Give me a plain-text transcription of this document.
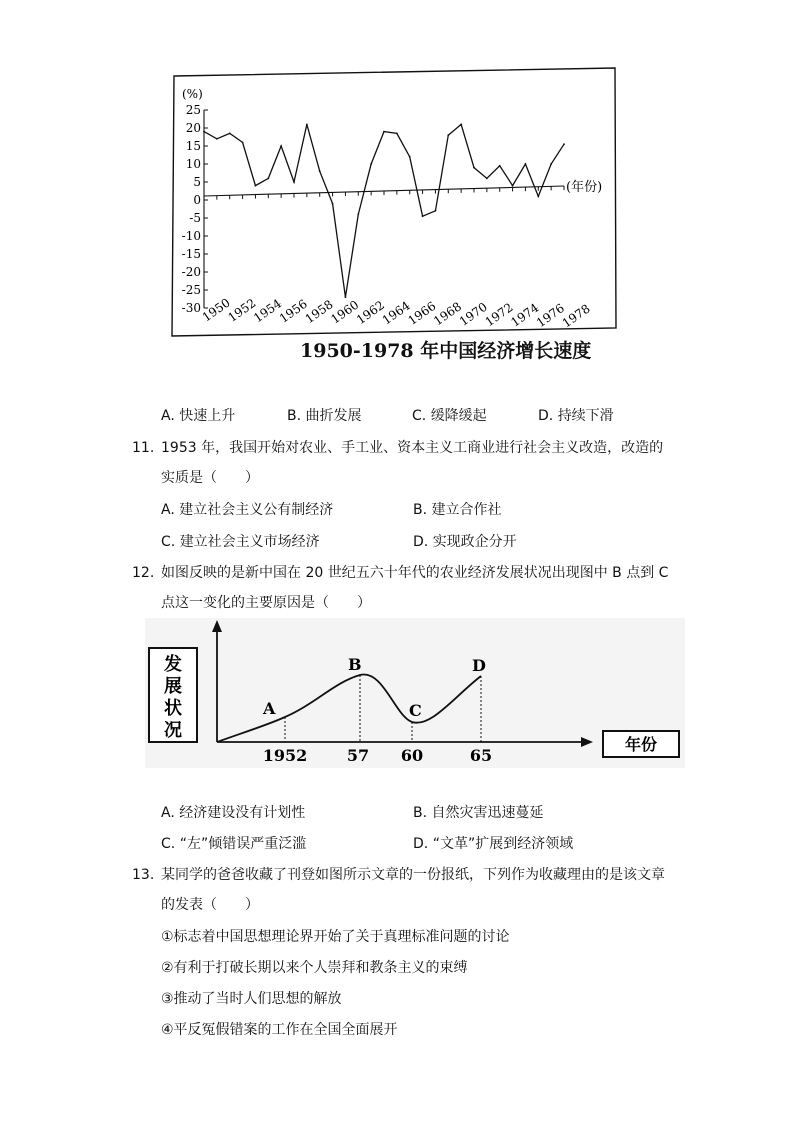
(%)
(年份)
25
20
15
10
5
0
-5
-10
-15
-20
-25
-30
1950
1952
1954
1956
1958
1960
1962
1964
1966
1968
1970
1972
1974
1976
1978
1950-1978 年中国经济增长速度
A. 快速上升	B. 曲折发展	C. 缓降缓起	D. 持续下滑
11. 1953 年，我国开始对农业、手工业、资本主义工商业进行社会主义改造，改造的
实质是（　　）
A. 建立社会主义公有制经济	B. 建立合作社
C. 建立社会主义市场经济	D. 实现政企分开
12. 如图反映的是新中国在 20 世纪五六十年代的农业经济发展状况出现图中 B 点到 C
点这一变化的主要原因是（　　）
发
展
状
况
A
B
C
D
1952 57 60	65
年份
A. 经济建设没有计划性	B. 自然灾害迅速蔓延
C. “左”倾错误严重泛滥	D. “文革”扩展到经济领域
13. 某同学的爸爸收藏了刊登如图所示文章的一份报纸，下列作为收藏理由的是该文章
的发表（　　）
①标志着中国思想理论界开始了关于真理标准问题的讨论
②有利于打破长期以来个人崇拜和教条主义的束缚
③推动了当时人们思想的解放
④平反冤假错案的工作在全国全面展开
